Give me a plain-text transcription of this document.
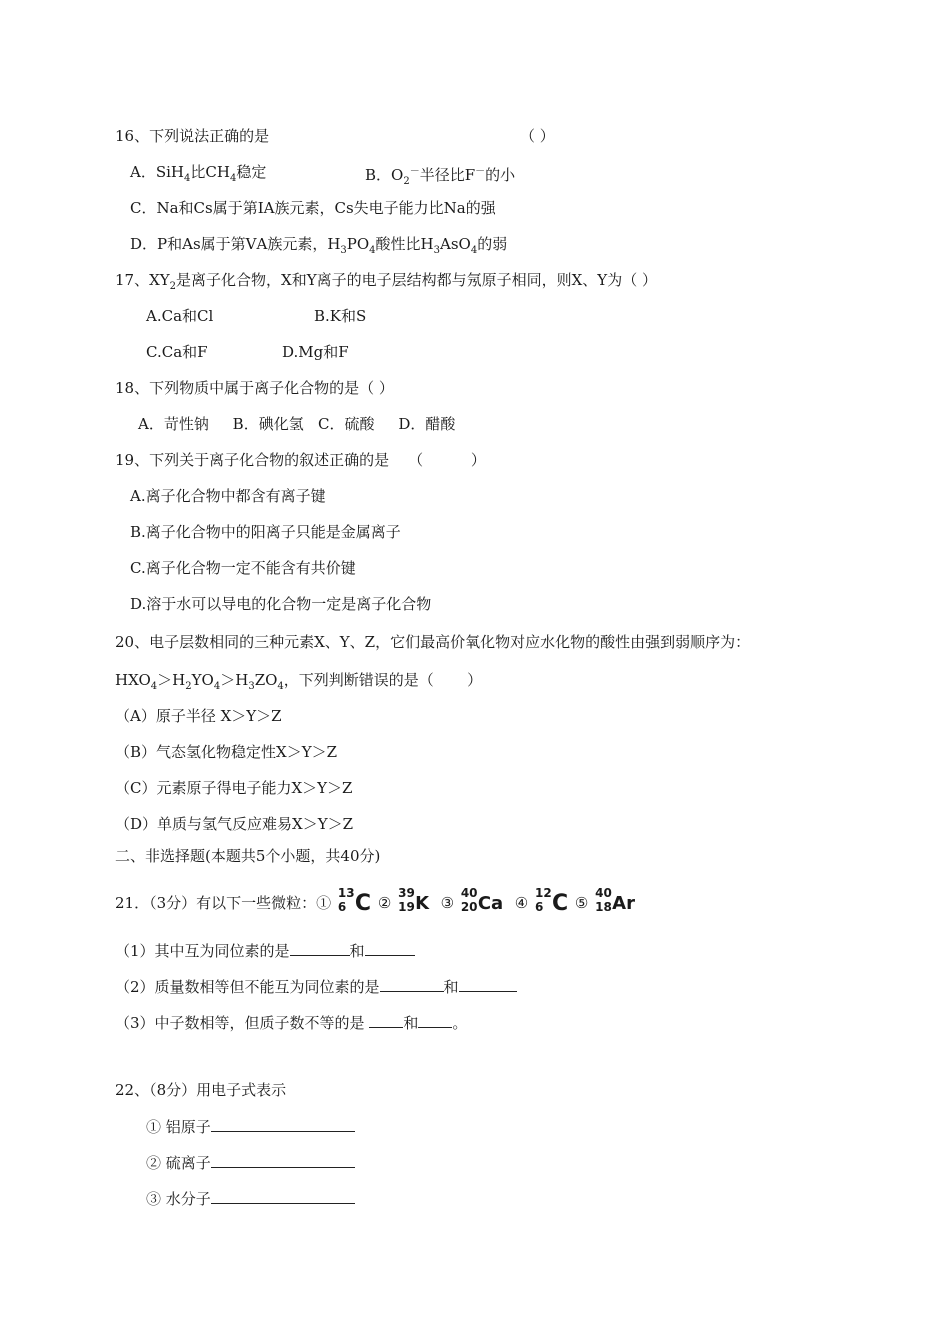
16、下列说法正确的是	（ ）
A．SiH$_4$比$CH_4$稳定	B．$O_2^-$半径比F－的小
C．Na和Cs属于第ⅠA族元素，Cs失电子能力比Na的强
D．P和As属于第ⅤA族元素，$H_3PO_4$酸性比$H_3AsO_4$的弱
17、$XY_2$是离子化合物，X和Y离子的电子层结构都与氖原子相同，则X、Y为（ ）
A.Ca和Cl	B.K和S
C.Ca和F	D.Mg和F
18、下列物质中属于离子化合物的是（ ）
A．苛性钠     B．碘化氢   C．硫酸     D．醋酸
19、下列关于离子化合物的叙述正确的是    （          ）
A.离子化合物中都含有离子键
B.离子化合物中的阳离子只能是金属离子
C.离子化合物一定不能含有共价键
D.溶于水可以导电的化合物一定是离子化合物
20、电子层数相同的三种元素X、Y、Z，它们最高价氧化物对应水化物的酸性由强到弱顺序为：
$HXO_4>H_2YO_4>H_3ZO_4$，下列判断错误的是（       ）
（A）原子半径 X＞Y＞Z
（B）气态氢化物稳定性X＞Y＞Z
（C）元素原子得电子能力X＞Y＞Z
（D）单质与氢气反应难易X＞Y＞Z
二、非选择题(本题共5个小题，共40分)
21．（3分）有以下一些微粒：①
13
6 C ②
39
19 K ③
40
20 Ca ④
12
6 C ⑤
40
18 Ar
（1）其中互为同位素的是	和
（2）质量数相等但不能互为同位素的是	和
（3）中子数相等，但质子数不等的是	和 。
22、（8分）用电子式表示
① 铝原子
② 硫离子
③ 水分子
